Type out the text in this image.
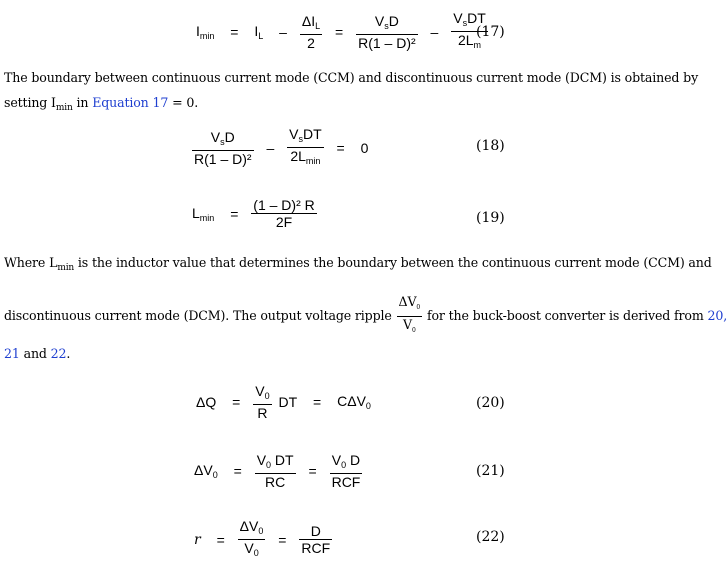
$I_{min} = I_L - \frac{\Delta I_L}{2} = \frac{V_sD}{\text{R(1 – D)²}} - \frac{V_sDT}{2L_m}$
(17)
The boundary between continuous current mode (CCM) and discontinuous current mode (DCM) is obtained by
setting $I_{min}$ in Equation 17 = 0.
$\frac{V_sD}{\text{R(1 – D)²}} - \frac{V_sDT}{2L_{min}} = 0$	(18)
$L_{min} = \frac{\text{(1 – D)² R}}{2F}$	(19)
Where $L_{min}$ is the inductor value that determines the boundary between the continuous current mode (CCM) and
discontinuous current mode (DCM). The output voltage ripple $\frac{\Delta V_0}{V_0}$ for the buck-boost converter is derived from 20,
21 and 22.
$\Delta Q = \frac{V_0}{R}$ DT = $C\Delta V_0$	(20)
$\Delta V_0 = \frac{V_0 DT}{RC} = \frac{V_0 D}{\text{RCF}}$	(21)
$r = \frac{\Delta V_0}{V_0} = \frac{D}{\text{RCF}}$	(22)
